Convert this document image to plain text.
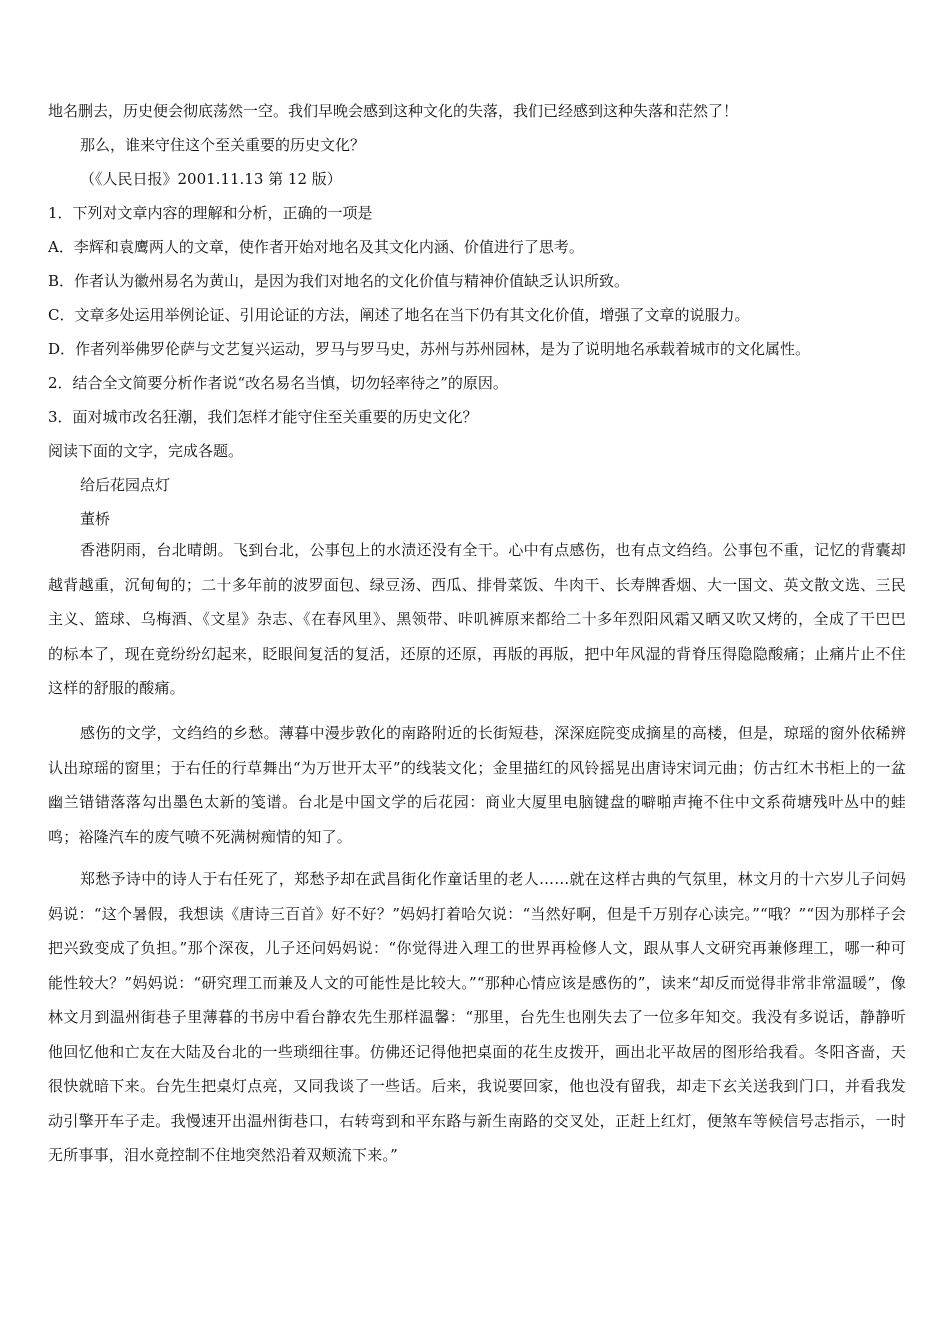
地名删去，历史便会彻底荡然一空。我们早晚会感到这种文化的失落，我们已经感到这种失落和茫然了！
那么，谁来守住这个至关重要的历史文化？
（《人民日报》2001.11.13 第 12 版）
1．下列对文章内容的理解和分析，正确的一项是
A．李辉和袁鹰两人的文章，使作者开始对地名及其文化内涵、价值进行了思考。
B．作者认为徽州易名为黄山，是因为我们对地名的文化价值与精神价值缺乏认识所致。
C．文章多处运用举例论证、引用论证的方法，阐述了地名在当下仍有其文化价值，增强了文章的说服力。
D．作者列举佛罗伦萨与文艺复兴运动，罗马与罗马史，苏州与苏州园林，是为了说明地名承载着城市的文化属性。
2．结合全文简要分析作者说“改名易名当慎，切勿轻率待之”的原因。
3．面对城市改名狂潮，我们怎样才能守住至关重要的历史文化？
阅读下面的文字，完成各题。
给后花园点灯
董桥
香港阴雨，台北晴朗。飞到台北，公事包上的水渍还没有全干。心中有点感伤，也有点文绉绉。公事包不重，记忆的背囊却越背越重，沉甸甸的；二十多年前的波罗面包、绿豆汤、西瓜、排骨菜饭、牛肉干、长寿牌香烟、大一国文、英文散文选、三民主义、篮球、乌梅酒、《文星》杂志、《在春风里》、黑领带、咔叽裤原来都给二十多年烈阳风霜又晒又吹又烤的，全成了干巴巴的标本了，现在竟纷纷幻起来，眨眼间复活的复活，还原的还原，再版的再版，把中年风湿的背脊压得隐隐酸痛；止痛片止不住这样的舒服的酸痛。
感伤的文学，文绉绉的乡愁。薄暮中漫步敦化的南路附近的长街短巷，深深庭院变成摘星的高楼，但是，琼瑶的窗外依稀辨认出琼瑶的窗里；于右任的行草舞出“为万世开太平”的线装文化；金里描红的风铃摇晃出唐诗宋词元曲；仿古红木书柜上的一盆幽兰错错落落勾出墨色太新的笺谱。台北是中国文学的后花园：商业大厦里电脑键盘的噼啪声掩不住中文系荷塘残叶丛中的蛙鸣；裕隆汽车的废气喷不死满树痴情的知了。
郑愁予诗中的诗人于右任死了，郑愁予却在武昌街化作童话里的老人……就在这样古典的气氛里，林文月的十六岁儿子问妈妈说：“这个暑假，我想读《唐诗三百首》好不好？”妈妈打着哈欠说：“当然好啊，但是千万别存心读完。”“哦？”“因为那样子会把兴致变成了负担。”那个深夜，儿子还问妈妈说：“你觉得进入理工的世界再检修人文，跟从事人文研究再兼修理工，哪一种可能性较大？”妈妈说：“研究理工而兼及人文的可能性是比较大。”“那种心情应该是感伤的”，读来“却反而觉得非常非常温暖”，像林文月到温州街巷子里薄暮的书房中看台静农先生那样温馨：“那里，台先生也刚失去了一位多年知交。我没有多说话，静静听他回忆他和亡友在大陆及台北的一些琐细往事。仿佛还记得他把桌面的花生皮拨开，画出北平故居的图形给我看。冬阳吝啬，天很快就暗下来。台先生把桌灯点亮，又同我谈了一些话。后来，我说要回家，他也没有留我，却走下玄关送我到门口，并看我发动引擎开车子走。我慢速开出温州街巷口，右转弯到和平东路与新生南路的交叉处，正赶上红灯，便煞车等候信号志指示，一时无所事事，泪水竟控制不住地突然沿着双颊流下来。”
